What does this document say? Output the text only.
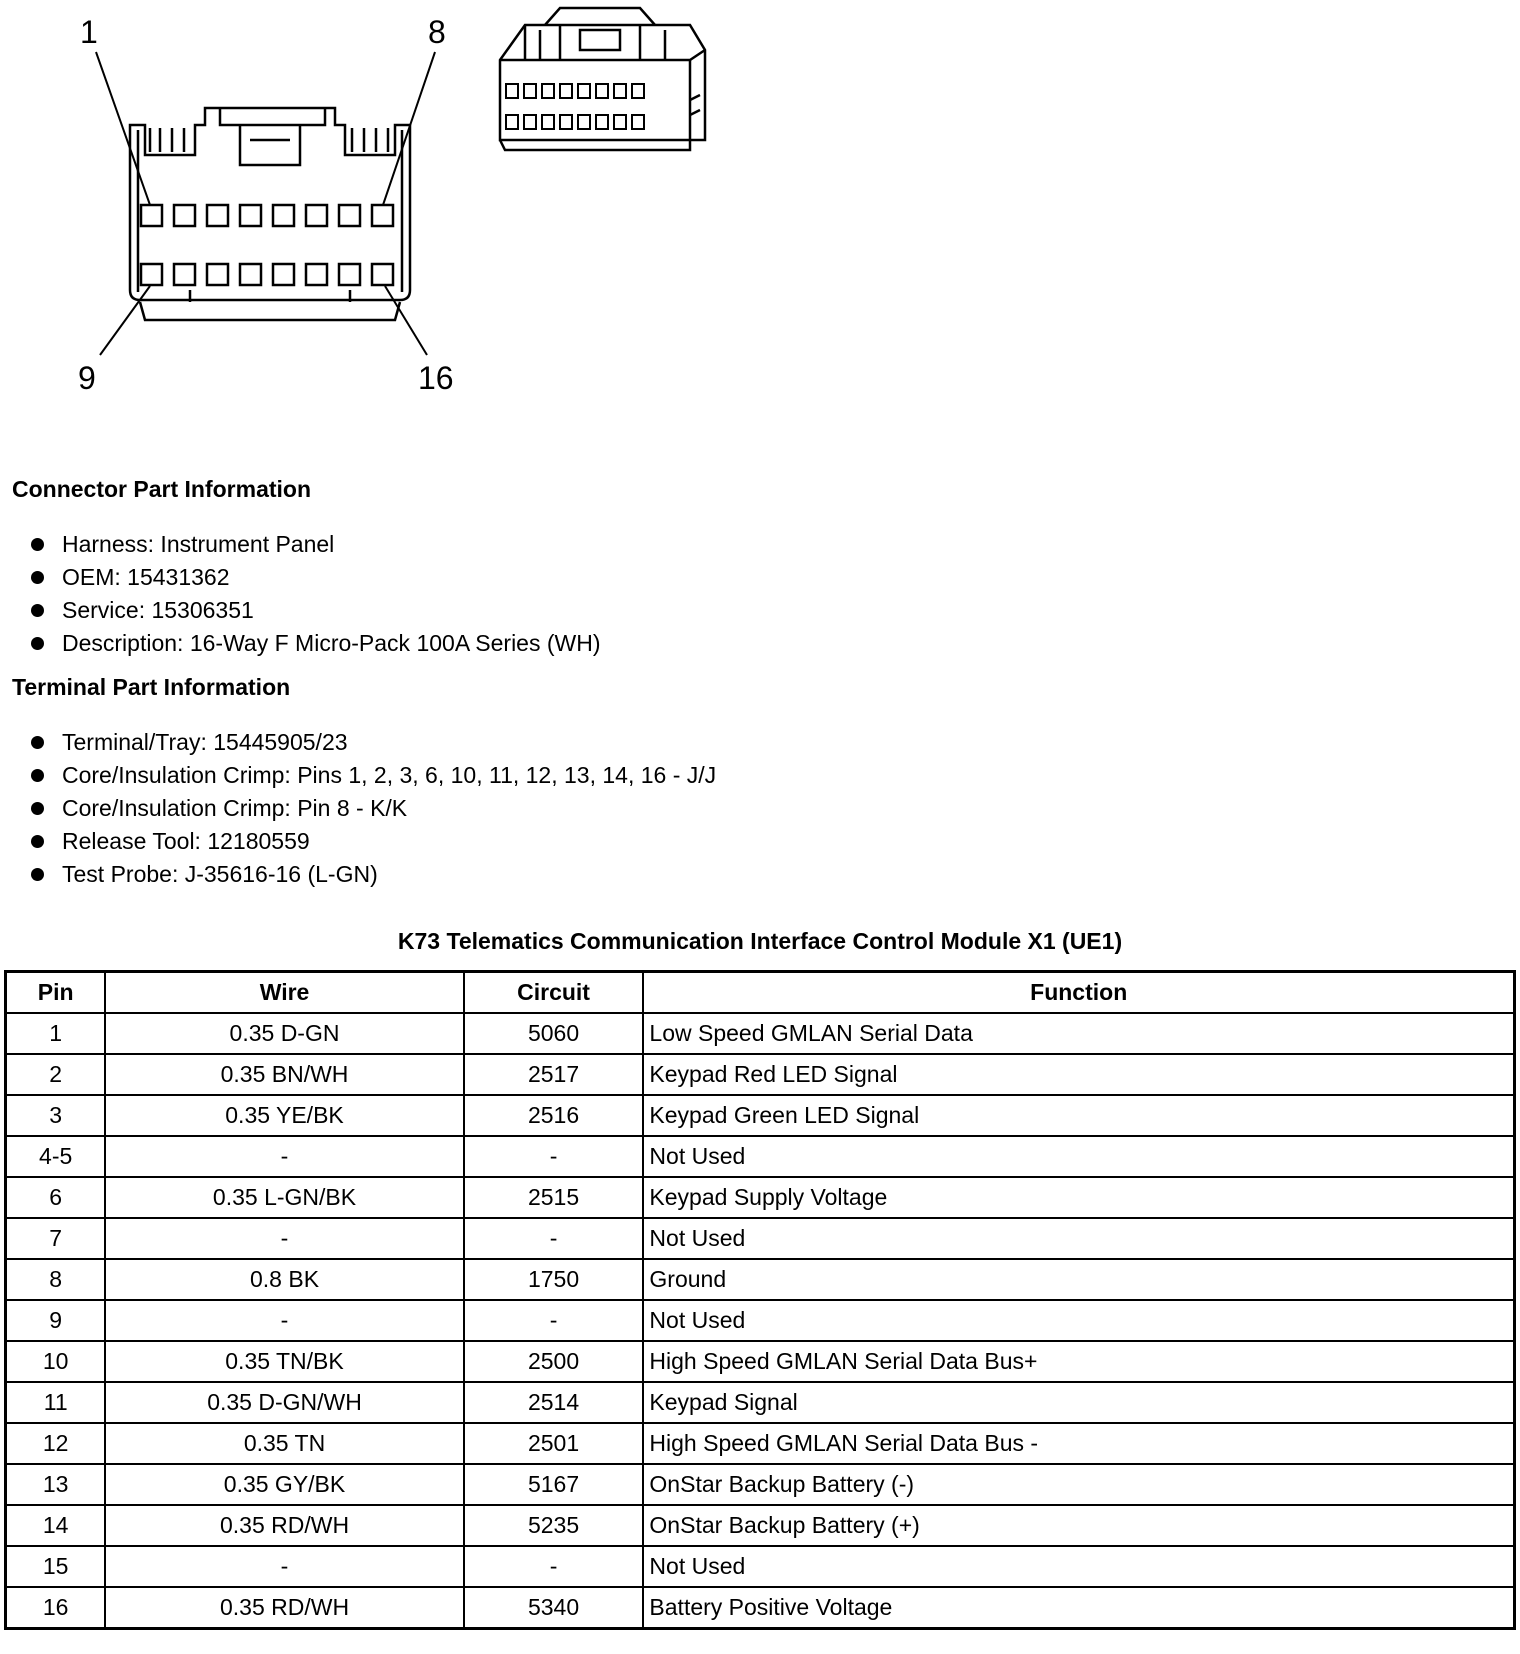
1	8
9	16
Connector Part Information
Harness: Instrument Panel
OEM: 15431362
Service: 15306351
Description: 16-Way F Micro-Pack 100A Series (WH)
Terminal Part Information
Terminal/Tray: 15445905/23
Core/Insulation Crimp: Pins 1, 2, 3, 6, 10, 11, 12, 13, 14, 16 - J/J
Core/Insulation Crimp: Pin 8 - K/K
Release Tool: 12180559
Test Probe: J-35616-16 (L-GN)
K73 Telematics Communication Interface Control Module X1 (UE1)
Pin	Wire	Circuit	Function
1	0.35 D-GN	5060	Low Speed GMLAN Serial Data
2	0.35 BN/WH	2517	Keypad Red LED Signal
3	0.35 YE/BK	2516	Keypad Green LED Signal
4-5	-	-	Not Used
6	0.35 L-GN/BK	2515	Keypad Supply Voltage
7	-	-	Not Used
8	0.8 BK	1750	Ground
9	-	-	Not Used
10	0.35 TN/BK	2500	High Speed GMLAN Serial Data Bus+
11	0.35 D-GN/WH	2514	Keypad Signal
12	0.35 TN	2501	High Speed GMLAN Serial Data Bus -
13	0.35 GY/BK	5167	OnStar Backup Battery (-)
14	0.35 RD/WH	5235	OnStar Backup Battery (+)
15	-	-	Not Used
16	0.35 RD/WH	5340	Battery Positive Voltage
